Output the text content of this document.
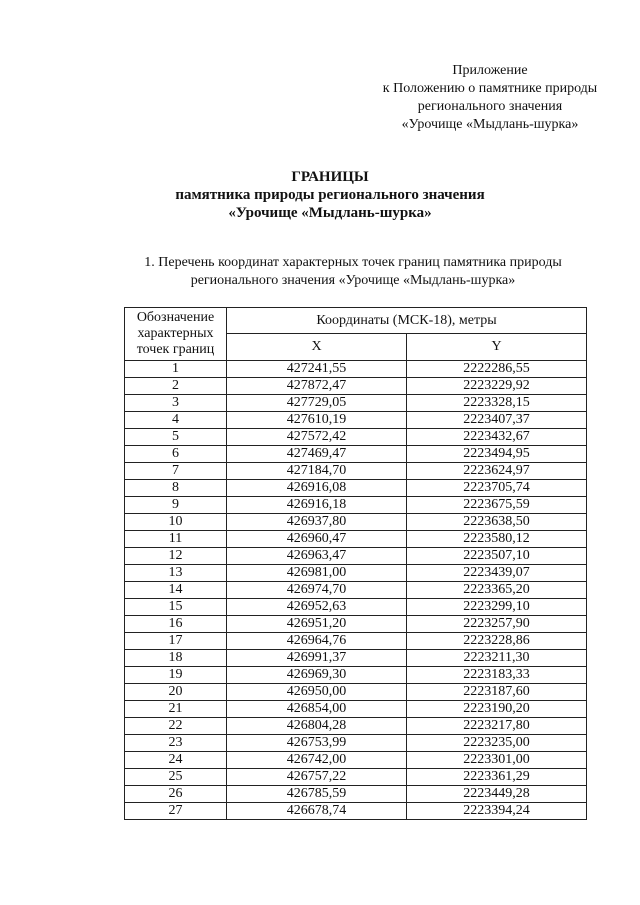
Приложение
к Положению о памятнике природы
регионального значения
«Урочище «Мыдлань-шурка»
ГРАНИЦЫ
памятника природы регионального значения
«Урочище «Мыдлань-шурка»
1. Перечень координат характерных точек границ памятника природы
регионального значения «Урочище «Мыдлань-шурка»
Обозначение
характерных
точек границ	Координаты (МСК-18), метры	
	X	Y
1	427241,55	2222286,55
2	427872,47	2223229,92
3	427729,05	2223328,15
4	427610,19	2223407,37
5	427572,42	2223432,67
6	427469,47	2223494,95
7	427184,70	2223624,97
8	426916,08	2223705,74
9	426916,18	2223675,59
10	426937,80	2223638,50
11	426960,47	2223580,12
12	426963,47	2223507,10
13	426981,00	2223439,07
14	426974,70	2223365,20
15	426952,63	2223299,10
16	426951,20	2223257,90
17	426964,76	2223228,86
18	426991,37	2223211,30
19	426969,30	2223183,33
20	426950,00	2223187,60
21	426854,00	2223190,20
22	426804,28	2223217,80
23	426753,99	2223235,00
24	426742,00	2223301,00
25	426757,22	2223361,29
26	426785,59	2223449,28
27	426678,74	2223394,24
